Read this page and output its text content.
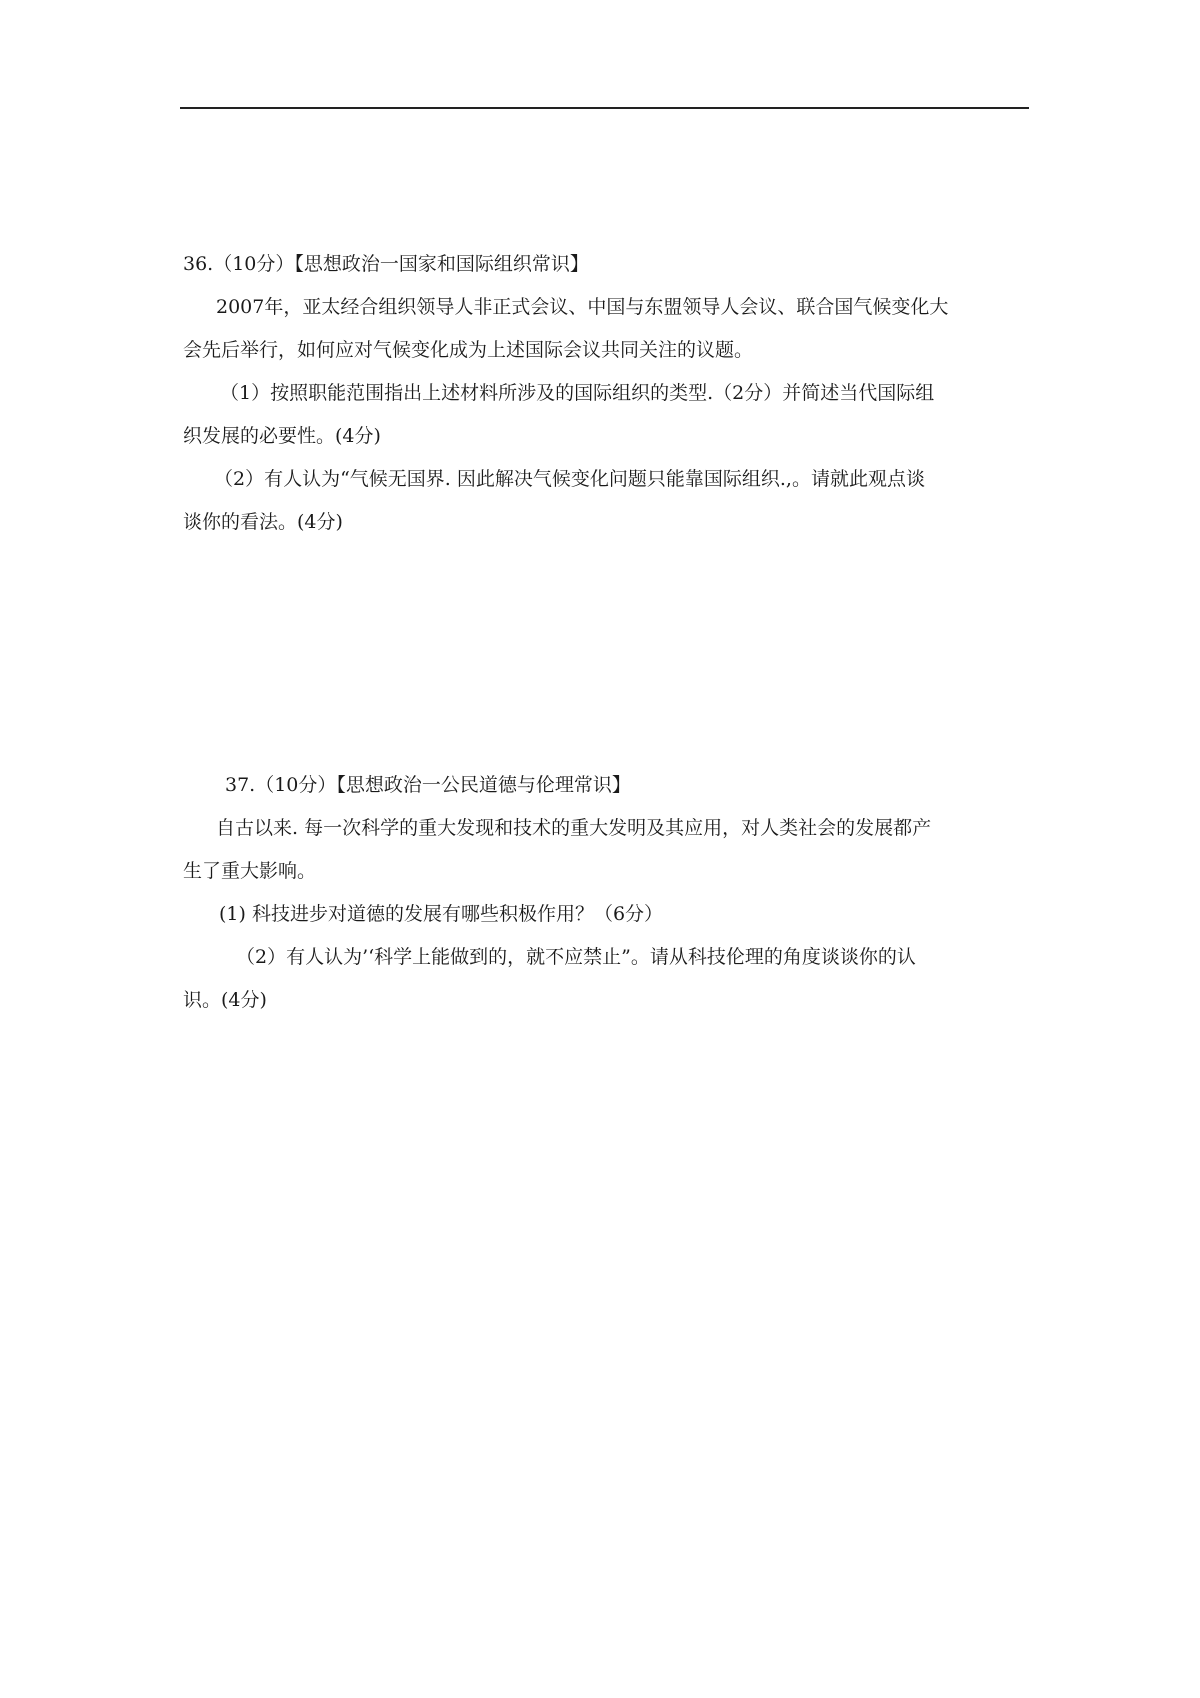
36.（10分）【思想政治一国家和国际组织常识】

2007年，亚太经合组织领导人非正式会议、中国与东盟领导人会议、联合国气候变化大

会先后举行，如何应对气候变化成为上述国际会议共同关注的议题。

（1）按照职能范围指出上述材料所涉及的国际组织的类型.（2分）并简述当代国际组

织发展的必要性。(4分)

（2）有人认为“气候无国界. 因此解决气候变化问题只能靠国际组织.,。请就此观点谈

谈你的看法。(4分)

37.（10分）【思想政治一公民道德与伦理常识】

自古以来. 每一次科学的重大发现和技术的重大发明及其应用，对人类社会的发展都产

生了重大影响。

(1) 科技进步对道德的发展有哪些积极作用？（6分）

（2）有人认为’‘科学上能做到的，就不应禁止”。请从科技伦理的角度谈谈你的认

识。(4分)
